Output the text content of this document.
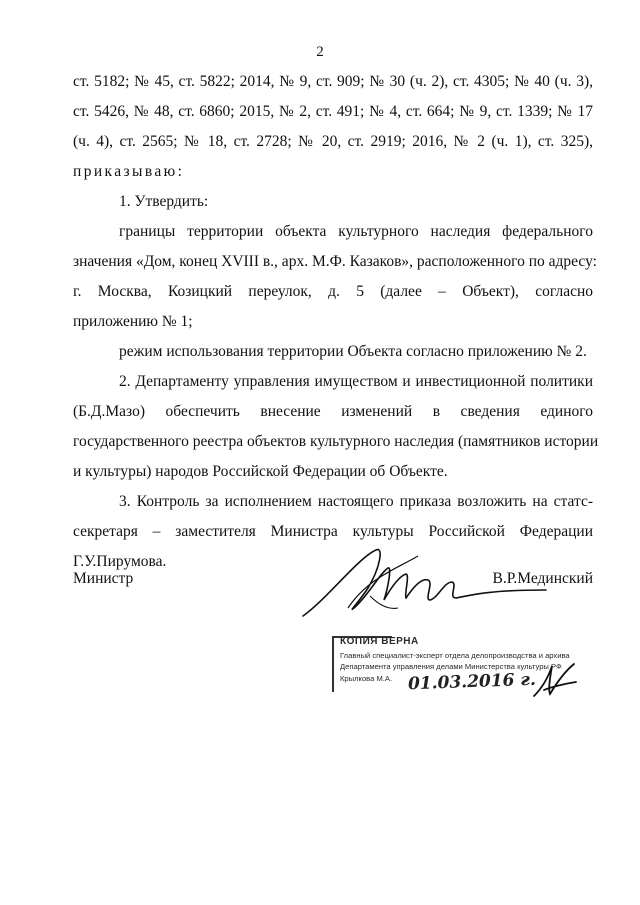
2
ст. 5182; № 45, ст. 5822; 2014, № 9, ст. 909; № 30 (ч. 2), ст. 4305; № 40 (ч. 3),
ст. 5426, № 48, ст. 6860; 2015, № 2, ст. 491; № 4, ст. 664; № 9, ст. 1339; № 17
(ч. 4), ст. 2565; № 18, ст. 2728; № 20, ст. 2919; 2016, № 2 (ч. 1), ст. 325),
приказываю:
1. Утвердить:
границы территории объекта культурного наследия федерального
значения «Дом, конец XVIII в., арх. М.Ф. Казаков», расположенного по адресу:
г. Москва, Козицкий переулок, д. 5 (далее – Объект), согласно
приложению № 1;
режим использования территории Объекта согласно приложению № 2.
2. Департаменту управления имуществом и инвестиционной политики
(Б.Д.Мазо) обеспечить внесение изменений в сведения единого
государственного реестра объектов культурного наследия (памятников истории
и культуры) народов Российской Федерации об Объекте.
3. Контроль за исполнением настоящего приказа возложить на статс-
секретаря – заместителя Министра культуры Российской Федерации
Г.У.Пирумова.
Министр	В.Р.Мединский
КОПИЯ ВЕРНА
Главный специалист-эксперт отдела делопроизводства и архива
Департамента управления делами Министерства культуры РФ
Крылкова М.А. 01.03.2016 г.
